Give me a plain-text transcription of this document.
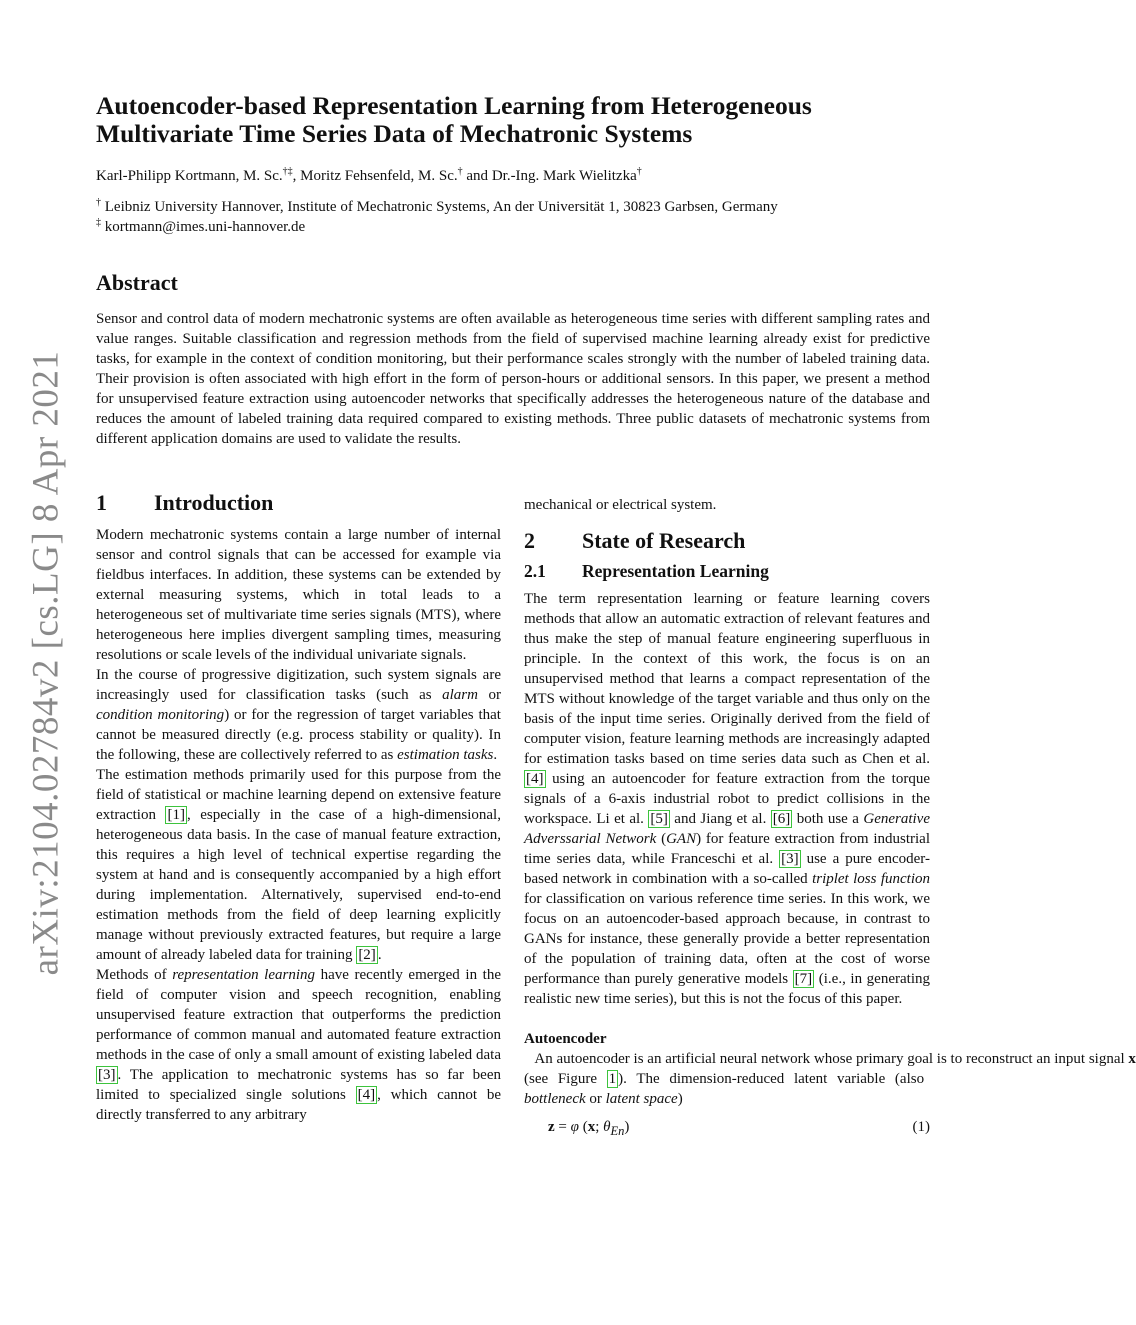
arXiv:2104.02784v2 [cs.LG] 8 Apr 2021
Autoencoder-based Representation Learning from Heterogeneous Multivariate Time Series Data of Mechatronic Systems
Karl-Philipp Kortmann, M. Sc.†‡, Moritz Fehsenfeld, M. Sc.† and Dr.-Ing. Mark Wielitzka†
† Leibniz University Hannover, Institute of Mechatronic Systems, An der Universität 1, 30823 Garbsen, Germany
‡ kortmann@imes.uni-hannover.de
Abstract

Sensor and control data of modern mechatronic systems are often available as heterogeneous time series with different sampling rates and value ranges. Suitable classification and regression methods from the field of supervised machine learning already exist for predictive tasks, for example in the context of condition monitoring, but their performance scales strongly with the number of labeled training data. Their provision is often associated with high effort in the form of person-hours or additional sensors. In this paper, we present a method for unsupervised feature extraction using autoencoder networks that specifically addresses the heterogeneous nature of the database and reduces the amount of labeled training data required compared to existing methods. Three public datasets of mechatronic systems from different application domains are used to validate the results.

1 Introduction

Modern mechatronic systems contain a large number of internal sensor and control signals that can be accessed for example via fieldbus interfaces. In addition, these systems can be extended by external measuring systems, which in total leads to a heterogeneous set of multivariate time series signals (MTS), where heterogeneous here implies divergent sampling times, measuring resolutions or scale levels of the individual univariate signals.

In the course of progressive digitization, such system signals are increasingly used for classification tasks (such as alarm or condition monitoring) or for the regression of target variables that cannot be measured directly (e.g. process stability or quality). In the following, these are collectively referred to as estimation tasks.

The estimation methods primarily used for this purpose from the field of statistical or machine learning depend on extensive feature extraction [1] , especially in the case of a high-dimensional, heterogeneous data basis. In the case of manual feature extraction, this requires a high level of technical expertise regarding the system at hand and is consequently accompanied by a high effort during implementation. Alternatively, supervised end-to-end estimation methods from the field of deep learning explicitly manage without previously extracted features, but require a large amount of already labeled data for training [2] .

Methods of representation learning have recently emerged in the field of computer vision and speech recognition, enabling unsupervised feature extraction that outperforms the prediction performance of common manual and automated feature extraction methods in the case of only a small amount of existing labeled data [3] . The application to mechatronic systems has so far been limited to specialized single solutions [4] , which cannot be directly transferred to any arbitrary

mechanical or electrical system.

2 State of Research
2.1 Representation Learning

The term representation learning or feature learning covers methods that allow an automatic extraction of relevant features and thus make the step of manual feature engineering superfluous in principle. In the context of this work, the focus is on an unsupervised method that learns a compact representation of the MTS without knowledge of the target variable and thus only on the basis of the input time series. Originally derived from the field of computer vision, feature learning methods are increasingly adapted for estimation tasks based on time series data such as Chen et al. [4] using an autoencoder for feature extraction from the torque signals of a 6-axis industrial robot to predict collisions in the workspace. Li et al. [5] and Jiang et al. [6] both use a Generative Adverssarial Network (GAN) for feature extraction from industrial time series data, while Franceschi et al. [3] use a pure encoder-based network in combination with a so-called triplet loss function for classification on various reference time series. In this work, we focus on an autoencoder-based approach because, in contrast to GANs for instance, these generally provide a better representation of the population of training data, often at the cost of worse performance than purely generative models [7] (i.e., in generating realistic new time series), but this is not the focus of this paper.

Autoencoder   An autoencoder is an artificial neural network whose primary goal is to reconstruct an input signal x (see Figure 1 ). The dimension-reduced latent variable (also bottleneck or latent space)

z = φ (x; $\theta_{En}$)	(1)
